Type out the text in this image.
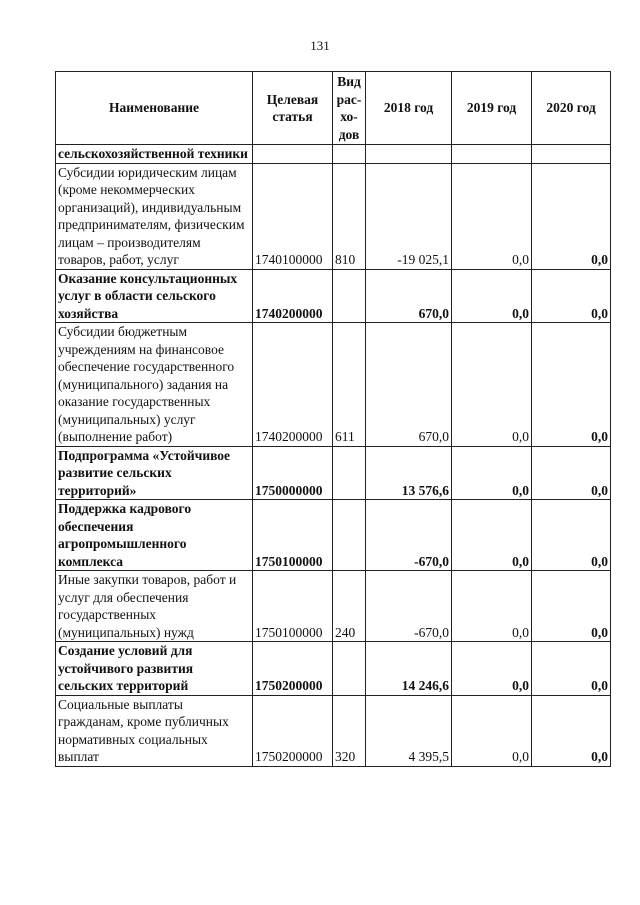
131
Наименование	Целевая статья	Вид рас-хо-дов	2018 год	2019 год	2020 год
сельскохозяйственной техники					
Субсидии юридическим лицам (кроме некоммерческих организаций), индивидуальным предпринимателям, физическим лицам – производителям товаров, работ, услуг	1740100000	810	-19 025,1	0,0	0,0
Оказание консультационных услуг в области сельского хозяйства	1740200000		670,0	0,0	0,0
Субсидии бюджетным учреждениям на финансовое обеспечение государственного (муниципального) задания на оказание государственных (муниципальных) услуг (выполнение работ)	1740200000	611	670,0	0,0	0,0
Подпрограмма «Устойчивое развитие сельских территорий»	1750000000		13 576,6	0,0	0,0
Поддержка кадрового обеспечения агропромышленного комплекса	1750100000		-670,0	0,0	0,0
Иные закупки товаров, работ и услуг для обеспечения государственных (муниципальных) нужд	1750100000	240	-670,0	0,0	0,0
Создание условий для устойчивого развития сельских территорий	1750200000		14 246,6	0,0	0,0
Социальные выплаты гражданам, кроме публичных нормативных социальных выплат	1750200000	320	4 395,5	0,0	0,0
